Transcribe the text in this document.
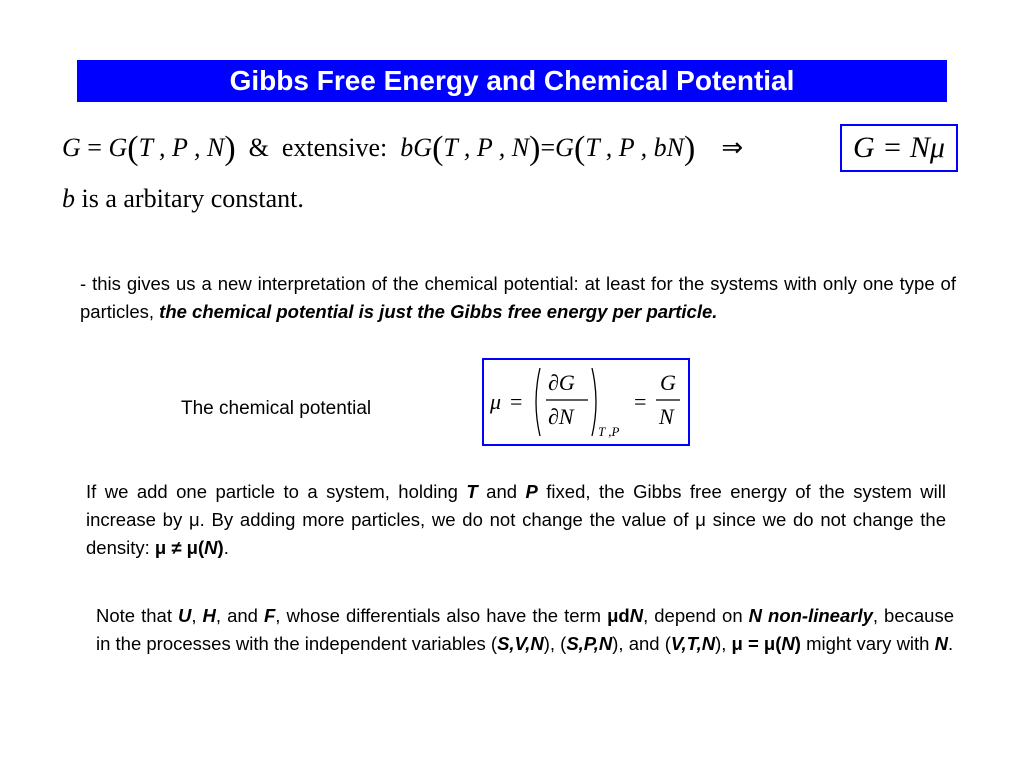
Gibbs Free Energy and Chemical Potential
G = G(T , P , N) & extensive: bG(T , P , N)=G(T , P , bN) ⇒	G = Nμ
b is a arbitary constant.
- this gives us a new interpretation of the chemical potential: at least for the systems with only one type of particles, the chemical potential is just the Gibbs free energy per particle.
The chemical potential	μ =
∂G
∂N
T ,P
=
G
N
If we add one particle to a system, holding T and P fixed, the Gibbs free energy of the system will increase by μ. By adding more particles, we do not change the value of μ since we do not change the density: μ ≠ μ(N).
Note that U, H, and F, whose differentials also have the term μdN, depend on N non-linearly, because in the processes with the independent variables (S,V,N), (S,P,N), and (V,T,N), μ = μ(N) might vary with N.
